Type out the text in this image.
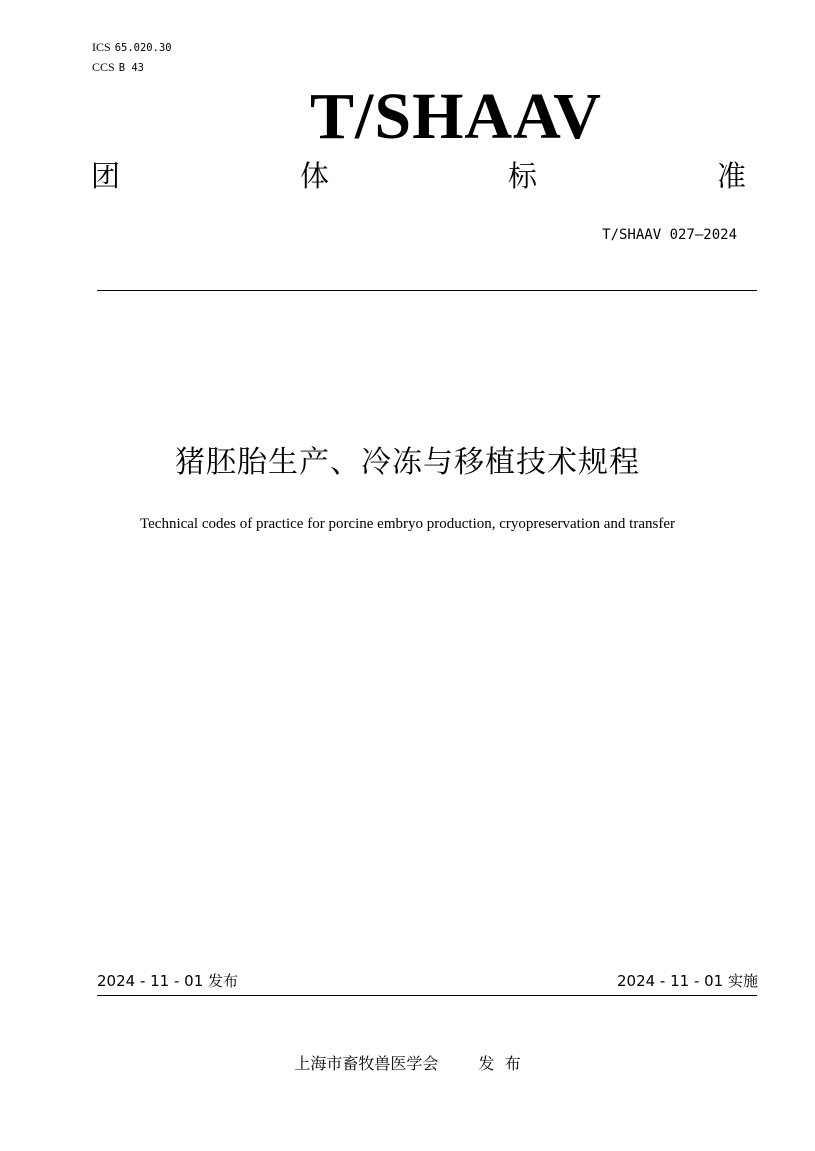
ICS 65.020.30
CCS B 43
T/SHAAV
团	体	标	准
T/SHAAV 027—2024
猪胚胎生产、冷冻与移植技术规程
Technical codes of practice for porcine embryo production, cryopreservation and transfer
2024 - 11 - 01 发布	2024 - 11 - 01 实施
上海市畜牧兽医学会	发  布
